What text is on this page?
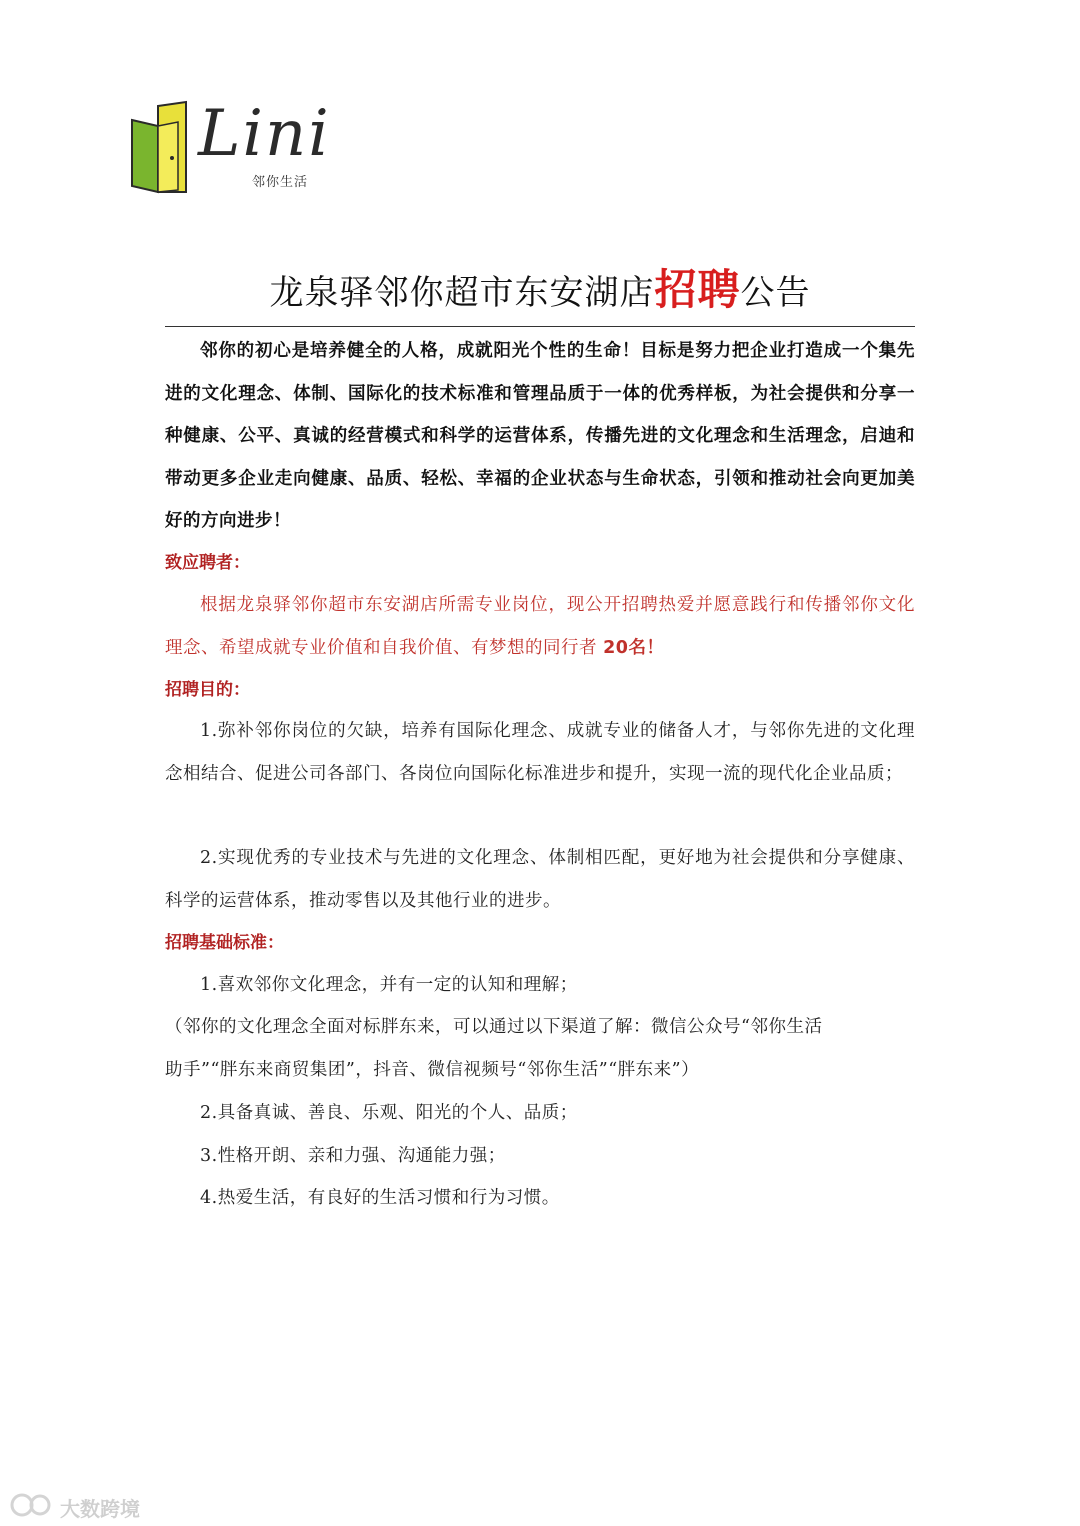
Lini
邻你生活
龙泉驿邻你超市东安湖店招聘公告

邻你的初心是培养健全的人格，成就阳光个性的生命！目标是努力把企业打造成一个集先进的文化理念、体制、国际化的技术标准和管理品质于一体的优秀样板，为社会提供和分享一种健康、公平、真诚的经营模式和科学的运营体系，传播先进的文化理念和生活理念，启迪和带动更多企业走向健康、品质、轻松、幸福的企业状态与生命状态，引领和推动社会向更加美好的方向进步！

致应聘者：

根据龙泉驿邻你超市东安湖店所需专业岗位，现公开招聘热爱并愿意践行和传播邻你文化理念、希望成就专业价值和自我价值、有梦想的同行者 20名！

招聘目的：

1.弥补邻你岗位的欠缺，培养有国际化理念、成就专业的储备人才，与邻你先进的文化理念相结合、促进公司各部门、各岗位向国际化标准进步和提升，实现一流的现代化企业品质；

2.实现优秀的专业技术与先进的文化理念、体制相匹配，更好地为社会提供和分享健康、科学的运营体系，推动零售以及其他行业的进步。

招聘基础标准：
1.喜欢邻你文化理念，并有一定的认知和理解；
（邻你的文化理念全面对标胖东来，可以通过以下渠道了解：微信公众号“邻你生活
助手”“胖东来商贸集团”，抖音、微信视频号“邻你生活”“胖东来”）
2.具备真诚、善良、乐观、阳光的个人、品质；
3.性格开朗、亲和力强、沟通能力强；
4.热爱生活，有良好的生活习惯和行为习惯。
大数跨境
